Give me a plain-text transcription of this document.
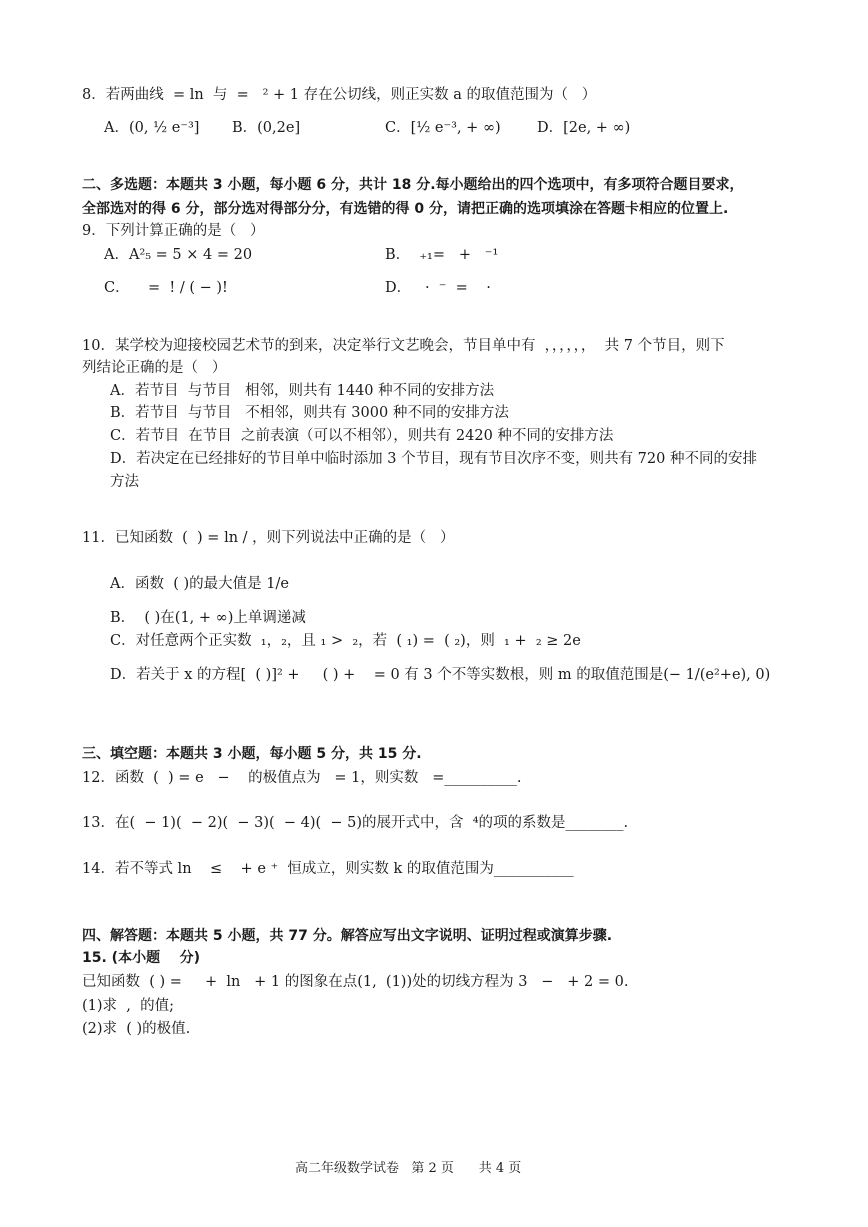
8．若两曲线  = ln  与  =   ² + 1 存在公切线，则正实数 a 的取值范围为（   ）
A．(0, ½ e⁻³] B．(0,2e]	C．[½ e⁻³, + ∞)	D．[2e, + ∞)
二、多选题：本题共 3 小题，每小题 6 分，共计 18 分.每小题给出的四个选项中，有多项符合题目要求，
全部选对的得 6 分，部分选对得部分分，有选错的得 0 分，请把正确的选项填涂在答题卡相应的位置上.
9．下列计算正确的是（   ）
A．A²₅ = 5 × 4 = 20	B．  ₊₁=   +   ⁻¹
C．    =  ! / ( − )!	D．   ·  ⁻  =    ·
10．某学校为迎接校园艺术节的到来，决定举行文艺晚会，节目单中有  ，，，，，，  共 7 个节目，则下
列结论正确的是（   ）
A．若节目  与节目   相邻，则共有 1440 种不同的安排方法
B．若节目  与节目   不相邻，则共有 3000 种不同的安排方法
C．若节目  在节目  之前表演（可以不相邻），则共有 2420 种不同的安排方法
D．若决定在已经排好的节目单中临时添加 3 个节目，现有节目次序不变，则共有 720 种不同的安排
方法
11．已知函数  (  ) = ln / ，则下列说法中正确的是（   ）
A．函数  ( )的最大值是 1/e
B．  ( )在(1, + ∞)上单调递减
C．对任意两个正实数  ₁，₂，且 ₁ >  ₂，若  ( ₁) =  ( ₂)，则  ₁ +  ₂ ≥ 2e
D．若关于 x 的方程[  ( )]² +     ( ) +    = 0 有 3 个不等实数根，则 m 的取值范围是(− 1/(e²+e), 0)
三、填空题：本题共 3 小题，每小题 5 分，共 15 分.
12．函数  (  ) = e   −    的极值点为   = 1，则实数   =__________.
13．在(  − 1)(  − 2)(  − 3)(  − 4)(  − 5)的展开式中，含  ⁴的项的系数是________.
14．若不等式 ln    ≤    + e ⁺  恒成立，则实数 k 的取值范围为___________
四、解答题：本题共 5 小题，共 77 分。解答应写出文字说明、证明过程或演算步骤.
15. (本小题    分)
已知函数  ( ) =     +  ln   + 1 的图象在点(1,  (1))处的切线方程为 3   −   + 2 = 0.
(1)求  ,  的值;
(2)求  ( )的极值.
高二年级数学试卷   第 2 页      共 4 页
